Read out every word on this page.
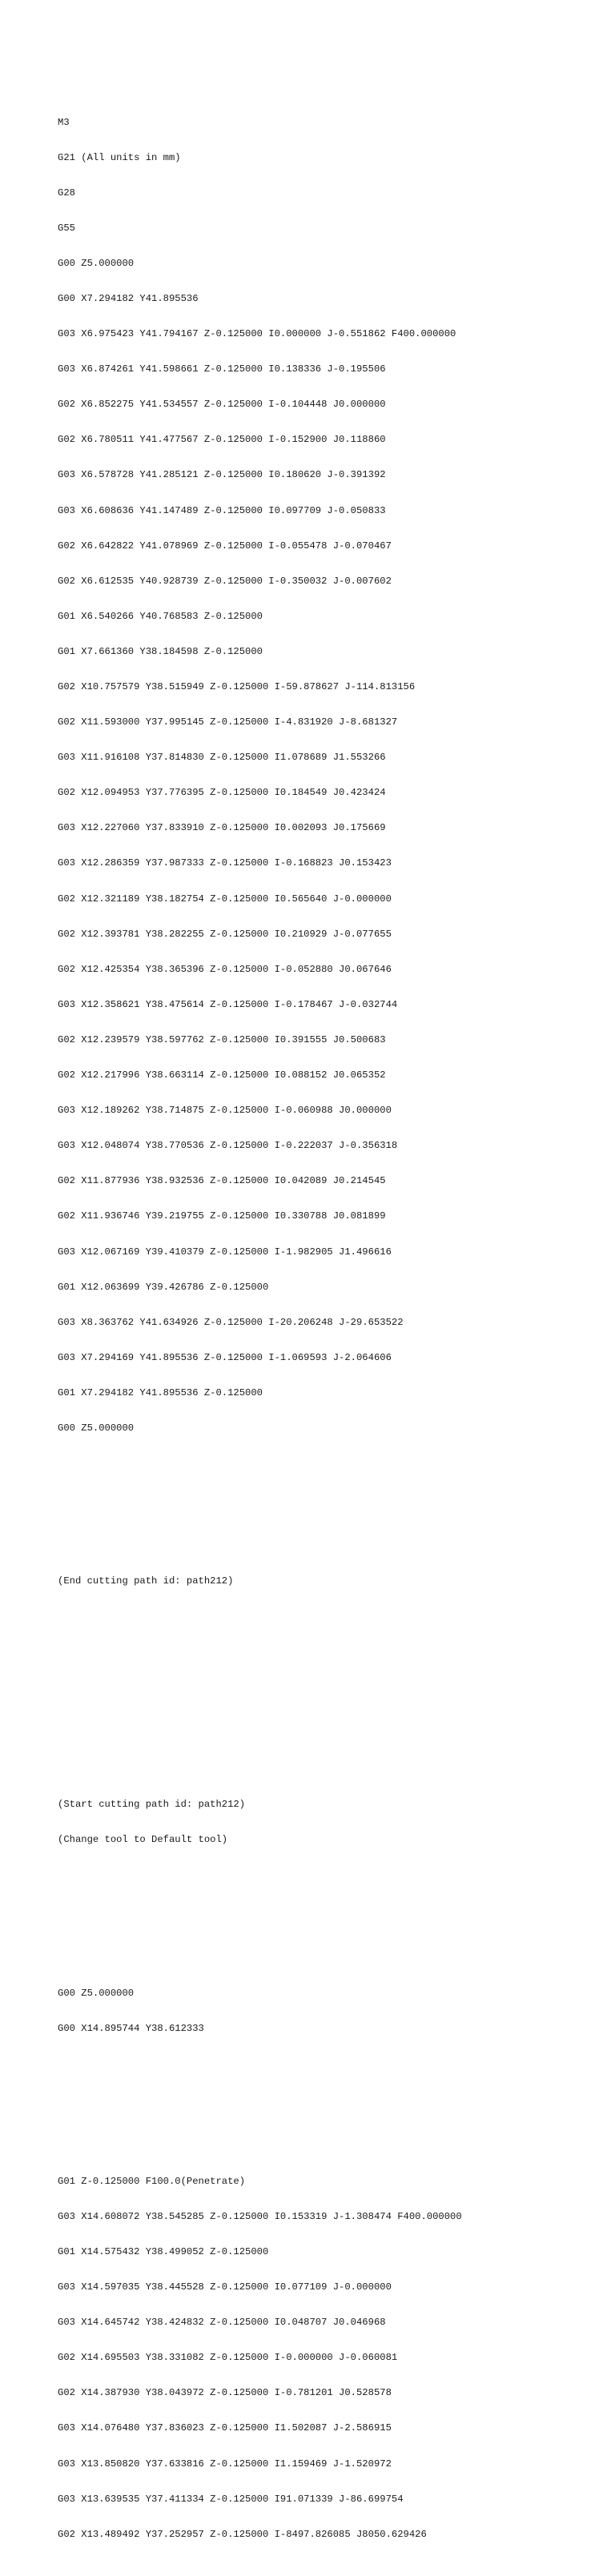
M3

G21 (All units in mm)

G28

G55

G00 Z5.000000

G00 X7.294182 Y41.895536

G03 X6.975423 Y41.794167 Z-0.125000 I0.000000 J-0.551862 F400.000000

G03 X6.874261 Y41.598661 Z-0.125000 I0.138336 J-0.195506

G02 X6.852275 Y41.534557 Z-0.125000 I-0.104448 J0.000000

G02 X6.780511 Y41.477567 Z-0.125000 I-0.152900 J0.118860

G03 X6.578728 Y41.285121 Z-0.125000 I0.180620 J-0.391392

G03 X6.608636 Y41.147489 Z-0.125000 I0.097709 J-0.050833

G02 X6.642822 Y41.078969 Z-0.125000 I-0.055478 J-0.070467

G02 X6.612535 Y40.928739 Z-0.125000 I-0.350032 J-0.007602

G01 X6.540266 Y40.768583 Z-0.125000

G01 X7.661360 Y38.184598 Z-0.125000

G02 X10.757579 Y38.515949 Z-0.125000 I-59.878627 J-114.813156

G02 X11.593000 Y37.995145 Z-0.125000 I-4.831920 J-8.681327

G03 X11.916108 Y37.814830 Z-0.125000 I1.078689 J1.553266

G02 X12.094953 Y37.776395 Z-0.125000 I0.184549 J0.423424

G03 X12.227060 Y37.833910 Z-0.125000 I0.002093 J0.175669

G03 X12.286359 Y37.987333 Z-0.125000 I-0.168823 J0.153423

G02 X12.321189 Y38.182754 Z-0.125000 I0.565640 J-0.000000

G02 X12.393781 Y38.282255 Z-0.125000 I0.210929 J-0.077655

G02 X12.425354 Y38.365396 Z-0.125000 I-0.052880 J0.067646

G03 X12.358621 Y38.475614 Z-0.125000 I-0.178467 J-0.032744

G02 X12.239579 Y38.597762 Z-0.125000 I0.391555 J0.500683

G02 X12.217996 Y38.663114 Z-0.125000 I0.088152 J0.065352

G03 X12.189262 Y38.714875 Z-0.125000 I-0.060988 J0.000000

G03 X12.048074 Y38.770536 Z-0.125000 I-0.222037 J-0.356318

G02 X11.877936 Y38.932536 Z-0.125000 I0.042089 J0.214545

G02 X11.936746 Y39.219755 Z-0.125000 I0.330788 J0.081899

G03 X12.067169 Y39.410379 Z-0.125000 I-1.982905 J1.496616

G01 X12.063699 Y39.426786 Z-0.125000

G03 X8.363762 Y41.634926 Z-0.125000 I-20.206248 J-29.653522

G03 X7.294169 Y41.895536 Z-0.125000 I-1.069593 J-2.064606

G01 X7.294182 Y41.895536 Z-0.125000

G00 Z5.000000

(End cutting path id: path212)

(Start cutting path id: path212)

(Change tool to Default tool)

G00 Z5.000000

G00 X14.895744 Y38.612333

G01 Z-0.125000 F100.0(Penetrate)

G03 X14.608072 Y38.545285 Z-0.125000 I0.153319 J-1.308474 F400.000000

G01 X14.575432 Y38.499052 Z-0.125000

G03 X14.597035 Y38.445528 Z-0.125000 I0.077109 J-0.000000

G03 X14.645742 Y38.424832 Z-0.125000 I0.048707 J0.046968

G02 X14.695503 Y38.331082 Z-0.125000 I-0.000000 J-0.060081

G02 X14.387930 Y38.043972 Z-0.125000 I-0.781201 J0.528578

G03 X14.076480 Y37.836023 Z-0.125000 I1.502087 J-2.586915

G03 X13.850820 Y37.633816 Z-0.125000 I1.159469 J-1.520972

G03 X13.639535 Y37.411334 Z-0.125000 I91.071339 J-86.699754

G02 X13.489492 Y37.252957 Z-0.125000 I-8497.826085 J8050.629426
